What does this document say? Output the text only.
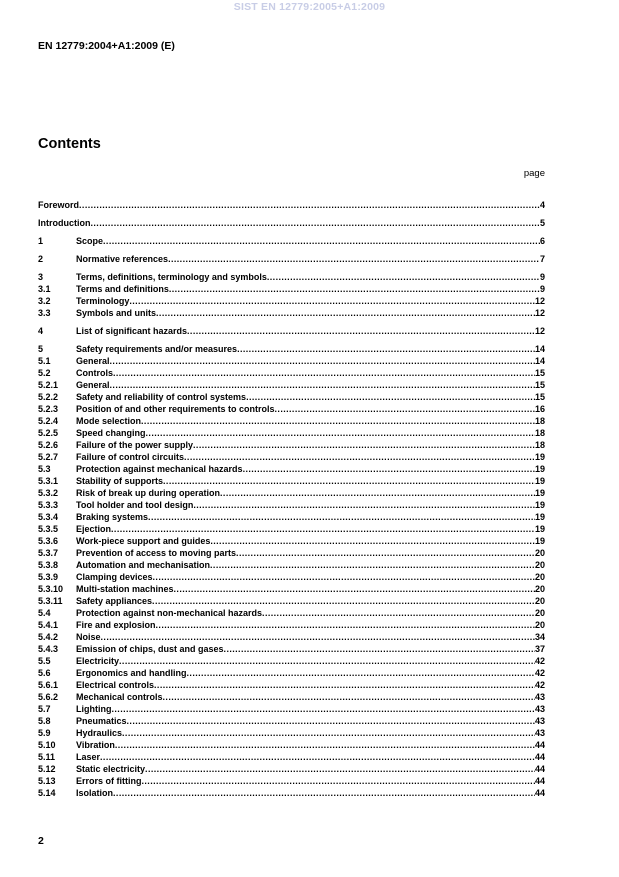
SIST EN 12779:2005+A1:2009
EN 12779:2004+A1:2009 (E)
Contents
page
Foreword .....	4
Introduction .....	5
1	Scope .....	6
2	Normative references .....	7
3	Terms, definitions, terminology and symbols .....	9
3.1	Terms and definitions .....	9
3.2	Terminology .....	12
3.3	Symbols and units .....	12
4	List of significant hazards .....	12
5	Safety requirements and/or measures .....	14
5.1	General .....	14
5.2	Controls .....	15
5.2.1 General .....	15
5.2.2 Safety and reliability of control systems .....	15
5.2.3 Position of and other requirements to controls .....	16
5.2.4 Mode selection .....	18
5.2.5 Speed changing .....	18
5.2.6 Failure of the power supply .....	18
5.2.7 Failure of control circuits .....	19
5.3	Protection against mechanical hazards .....	19
5.3.1 Stability of supports .....	19
5.3.2 Risk of break up during operation .....	19
5.3.3 Tool holder and tool design .....	19
5.3.4 Braking systems .....	19
5.3.5 Ejection .....	19
5.3.6 Work-piece support and guides .....	19
5.3.7 Prevention of access to moving parts .....	20
5.3.8 Automation and mechanisation .....	20
5.3.9 Clamping devices .....	20
5.3.10 Multi-station machines .....	20
5.3.11 Safety appliances .....	20
5.4	Protection against non-mechanical hazards .....	20
5.4.1 Fire and explosion .....	20
5.4.2 Noise .....	34
5.4.3 Emission of chips, dust and gases .....	37
5.5	Electricity .....	42
5.6	Ergonomics and handling .....	42
5.6.1 Electrical controls .....	42
5.6.2 Mechanical controls .....	43
5.7	Lighting .....	43
5.8	Pneumatics .....	43
5.9	Hydraulics .....	43
5.10 Vibration .....	44
5.11 Laser .....	44
5.12 Static electricity .....	44
5.13 Errors of fitting .....	44
5.14 Isolation .....	44
2
